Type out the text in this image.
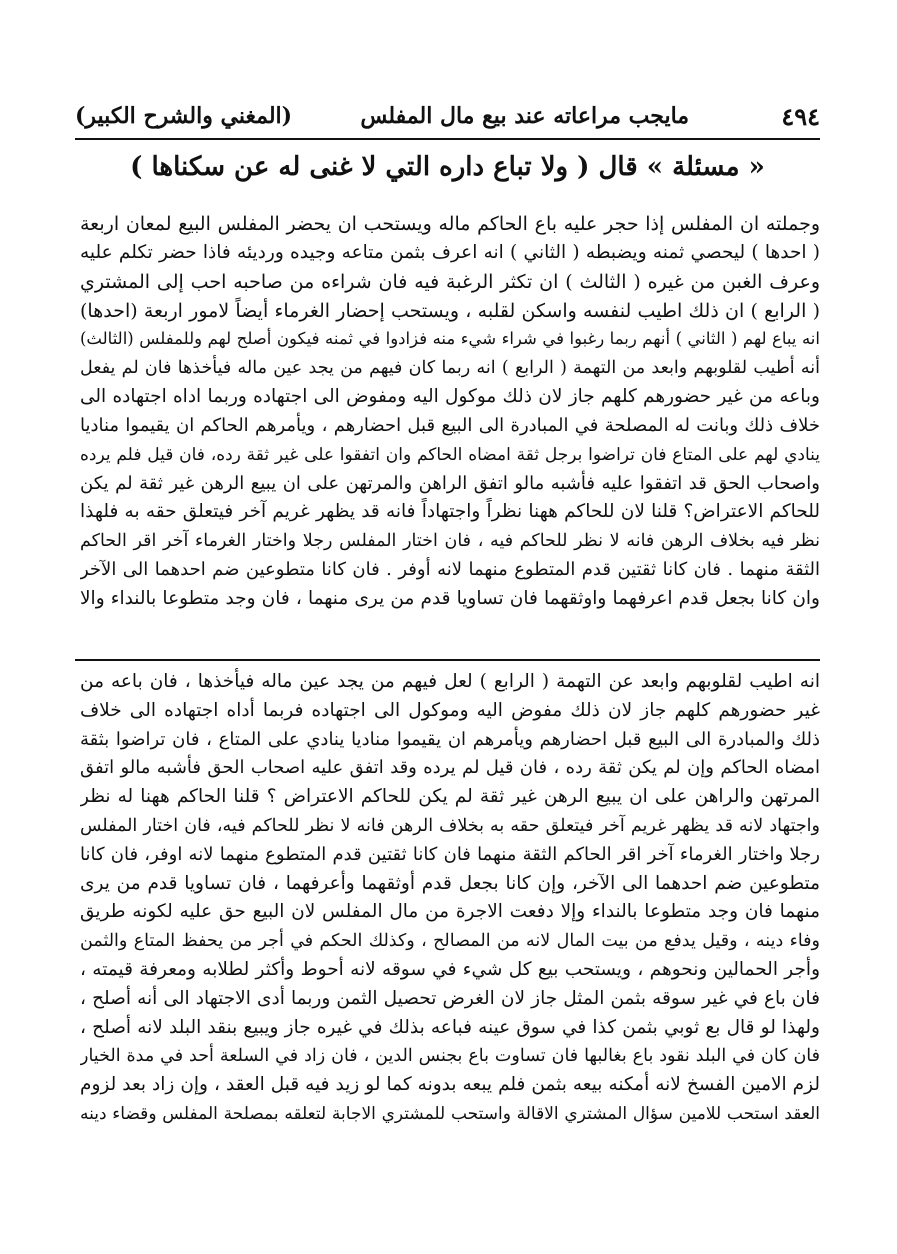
٤٩٤
مايجب مراعاته عند بيع مال المفلس
(المغني والشرح الكبير)
« مسئلة » قال ( ولا تباع داره التي لا غنى له عن سكناها )
وجملته ان المفلس إذا حجر عليه باع الحاكم ماله ويستحب ان يحضر المفلس البيع لمعان اربعة
( احدها ) ليحصي ثمنه ويضبطه ( الثاني ) انه اعرف بثمن متاعه وجيده ورديئه فاذا حضر تكلم عليه
وعرف الغبن من غيره ( الثالث ) ان تكثر الرغبة فيه فان شراءه من صاحبه احب إلى المشتري
( الرابع ) ان ذلك اطيب لنفسه واسكن لقلبه ، ويستحب إحضار الغرماء أيضاً لامور اربعة (احدها)
انه يباع لهم ( الثاني ) أنهم ربما رغبوا في شراء شيء منه فزادوا في ثمنه فيكون أصلح لهم وللمفلس (الثالث)
أنه أطيب لقلوبهم وابعد من التهمة ( الرابع ) انه ربما كان فيهم من يجد عين ماله فيأخذها فان لم يفعل
وباعه من غير حضورهم كلهم جاز لان ذلك موكول اليه ومفوض الى اجتهاده وربما اداه اجتهاده الى
خلاف ذلك وبانت له المصلحة في المبادرة الى البيع قبل احضارهم ، ويأمرهم الحاكم ان يقيموا مناديا
ينادي لهم على المتاع فان تراضوا برجل ثقة امضاه الحاكم وان اتفقوا على غير ثقة رده، فان قيل فلم يرده
واصحاب الحق قد اتفقوا عليه فأشبه مالو اتفق الراهن والمرتهن على ان يبيع الرهن غير ثقة لم يكن
للحاكم الاعتراض؟ قلنا لان للحاكم ههنا نظراً واجتهاداً فانه قد يظهر غريم آخر فيتعلق حقه به فلهذا
نظر فيه بخلاف الرهن فانه لا نظر للحاكم فيه ، فان اختار المفلس رجلا واختار الغرماء آخر اقر الحاكم
الثقة منهما . فان كانا ثقتين قدم المتطوع منهما لانه أوفر . فان كانا متطوعين ضم احدهما الى الآخر
وان كانا بجعل قدم اعرفهما واوثقهما فان تساويا قدم من يرى منهما ، فان وجد متطوعا بالنداء والا
انه اطيب لقلوبهم وابعد عن التهمة ( الرابع ) لعل فيهم من يجد عين ماله فيأخذها ، فان باعه من
غير حضورهم كلهم جاز لان ذلك مفوض اليه وموكول الى اجتهاده فربما أداه اجتهاده الى خلاف
ذلك والمبادرة الى البيع قبل احضارهم ويأمرهم ان يقيموا مناديا ينادي على المتاع ، فان تراضوا بثقة
امضاه الحاكم وإن لم يكن ثقة رده ، فان قيل لم يرده وقد اتفق عليه اصحاب الحق فأشبه مالو اتفق
المرتهن والراهن على ان يبيع الرهن غير ثقة لم يكن للحاكم الاعتراض ؟ قلنا الحاكم ههنا له نظر
واجتهاد لانه قد يظهر غريم آخر فيتعلق حقه به بخلاف الرهن فانه لا نظر للحاكم فيه، فان اختار المفلس
رجلا واختار الغرماء آخر اقر الحاكم الثقة منهما فان كانا ثقتين قدم المتطوع منهما لانه اوفر، فان كانا
متطوعين ضم احدهما الى الآخر، وإن كانا بجعل قدم أوثقهما وأعرفهما ، فان تساويا قدم من يرى
منهما فان وجد متطوعا بالنداء وإلا دفعت الاجرة من مال المفلس لان البيع حق عليه لكونه طريق
وفاء دينه ، وقيل يدفع من بيت المال لانه من المصالح ، وكذلك الحكم في أجر من يحفظ المتاع والثمن
وأجر الحمالين ونحوهم ، ويستحب بيع كل شيء في سوقه لانه أحوط وأكثر لطلابه ومعرفة قيمته ،
فان باع في غير سوقه بثمن المثل جاز لان الغرض تحصيل الثمن وربما أدى الاجتهاد الى أنه أصلح ،
ولهذا لو قال بع ثوبي بثمن كذا في سوق عينه فباعه بذلك في غيره جاز ويبيع بنقد البلد لانه أصلح ،
فان كان في البلد نقود باع بغالبها فان تساوت باع بجنس الدين ، فان زاد في السلعة أحد في مدة الخيار
لزم الامين الفسخ لانه أمكنه بيعه بثمن فلم يبعه بدونه كما لو زيد فيه قبل العقد ، وإن زاد بعد لزوم
العقد استحب للامين سؤال المشتري الاقالة واستحب للمشتري الاجابة لتعلقه بمصلحة المفلس وقضاء دينه
